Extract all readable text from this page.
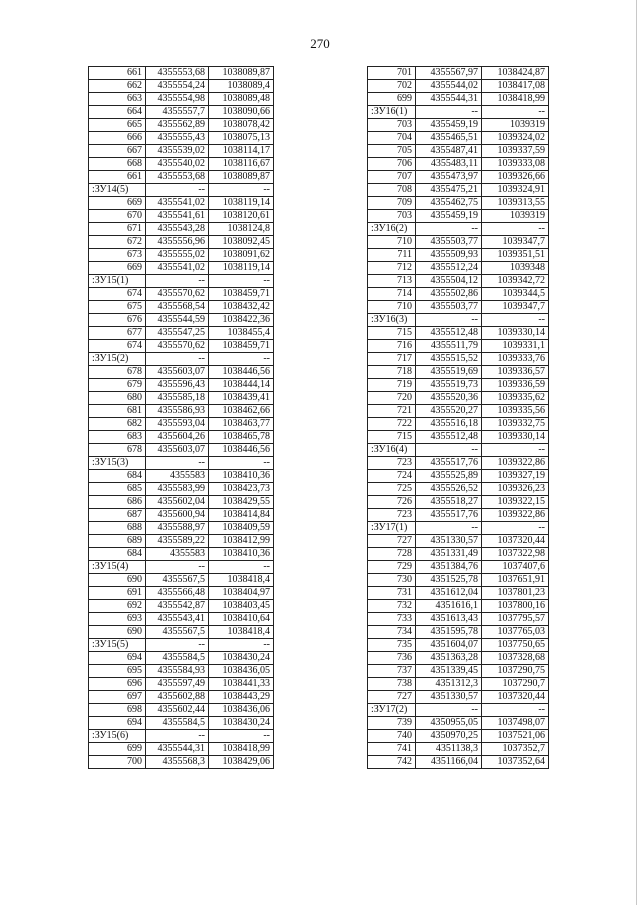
270
661	4355553,68	1038089,87
662	4355554,24	1038089,4
663	4355554,98	1038089,48
664	4355557,7	1038090,66
665	4355562,89	1038078,42
666	4355555,43	1038075,13
667	4355539,02	1038114,17
668	4355540,02	1038116,67
661	4355553,68	1038089,87
:ЗУ14(5)	--	--
669	4355541,02	1038119,14
670	4355541,61	1038120,61
671	4355543,28	1038124,8
672	4355556,96	1038092,45
673	4355555,02	1038091,62
669	4355541,02	1038119,14
:ЗУ15(1)	--	--
674	4355570,62	1038459,71
675	4355568,54	1038432,42
676	4355544,59	1038422,36
677	4355547,25	1038455,4
674	4355570,62	1038459,71
:ЗУ15(2)	--	--
678	4355603,07	1038446,56
679	4355596,43	1038444,14
680	4355585,18	1038439,41
681	4355586,93	1038462,66
682	4355593,04	1038463,77
683	4355604,26	1038465,78
678	4355603,07	1038446,56
:ЗУ15(3)	--	--
684	4355583	1038410,36
685	4355583,99	1038423,73
686	4355602,04	1038429,55
687	4355600,94	1038414,84
688	4355588,97	1038409,59
689	4355589,22	1038412,99
684	4355583	1038410,36
:ЗУ15(4)	--	--
690	4355567,5	1038418,4
691	4355566,48	1038404,97
692	4355542,87	1038403,45
693	4355543,41	1038410,64
690	4355567,5	1038418,4
:ЗУ15(5)	--	--
694	4355584,5	1038430,24
695	4355584,93	1038436,05
696	4355597,49	1038441,33
697	4355602,88	1038443,29
698	4355602,44	1038436,06
694	4355584,5	1038430,24
:ЗУ15(6)	--	--
699	4355544,31	1038418,99
700	4355568,3	1038429,06
701	4355567,97	1038424,87
702	4355544,02	1038417,08
699	4355544,31	1038418,99
:ЗУ16(1)	--	--
703	4355459,19	1039319
704	4355465,51	1039324,02
705	4355487,41	1039337,59
706	4355483,11	1039333,08
707	4355473,97	1039326,66
708	4355475,21	1039324,91
709	4355462,75	1039313,55
703	4355459,19	1039319
:ЗУ16(2)	--	--
710	4355503,77	1039347,7
711	4355509,93	1039351,51
712	4355512,24	1039348
713	4355504,12	1039342,72
714	4355502,86	1039344,5
710	4355503,77	1039347,7
:ЗУ16(3)	--	--
715	4355512,48	1039330,14
716	4355511,79	1039331,1
717	4355515,52	1039333,76
718	4355519,69	1039336,57
719	4355519,73	1039336,59
720	4355520,36	1039335,62
721	4355520,27	1039335,56
722	4355516,18	1039332,75
715	4355512,48	1039330,14
:ЗУ16(4)	--	--
723	4355517,76	1039322,86
724	4355525,89	1039327,19
725	4355526,52	1039326,23
726	4355518,27	1039322,15
723	4355517,76	1039322,86
:ЗУ17(1)	--	--
727	4351330,57	1037320,44
728	4351331,49	1037322,98
729	4351384,76	1037407,6
730	4351525,78	1037651,91
731	4351612,04	1037801,23
732	4351616,1	1037800,16
733	4351613,43	1037795,57
734	4351595,78	1037765,03
735	4351604,07	1037750,65
736	4351363,28	1037328,68
737	4351339,45	1037290,75
738	4351312,3	1037290,7
727	4351330,57	1037320,44
:ЗУ17(2)	--	--
739	4350955,05	1037498,07
740	4350970,25	1037521,06
741	4351138,3	1037352,7
742	4351166,04	1037352,64
